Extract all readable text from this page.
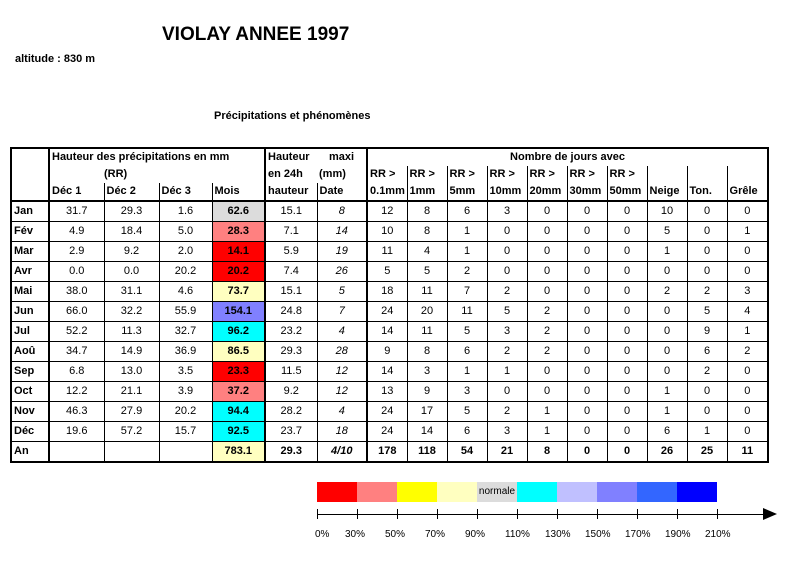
VIOLAY ANNEE 1997
altitude : 830 m
Précipitations et phénomènes
	Hauteur des précipitations en mm				Hauteur	maxi	Nombre de jours avec									
	(RR)				en 24h	(mm)	RR >	RR >	RR >	RR >	RR >	RR >	RR >			
	Déc 1	Déc 2	Déc 3	Mois	hauteur	Date	0.1mm	1mm	5mm	10mm	20mm	30mm	50mm	Neige	Ton.	Grêle
Jan	31.7	29.3	1.6	62.6	15.1	8	12	8	6	3	0	0	0	10	0	0
Fév	4.9	18.4	5.0	28.3	7.1	14	10	8	1	0	0	0	0	5	0	1
Mar	2.9	9.2	2.0	14.1	5.9	19	11	4	1	0	0	0	0	1	0	0
Avr	0.0	0.0	20.2	20.2	7.4	26	5	5	2	0	0	0	0	0	0	0
Mai	38.0	31.1	4.6	73.7	15.1	5	18	11	7	2	0	0	0	2	2	3
Jun	66.0	32.2	55.9	154.1	24.8	7	24	20	11	5	2	0	0	0	5	4
Jul	52.2	11.3	32.7	96.2	23.2	4	14	11	5	3	2	0	0	0	9	1
Aoû	34.7	14.9	36.9	86.5	29.3	28	9	8	6	2	2	0	0	0	6	2
Sep	6.8	13.0	3.5	23.3	11.5	12	14	3	1	1	0	0	0	0	2	0
Oct	12.2	21.1	3.9	37.2	9.2	12	13	9	3	0	0	0	0	1	0	0
Nov	46.3	27.9	20.2	94.4	28.2	4	24	17	5	2	1	0	0	1	0	0
Déc	19.6	57.2	15.7	92.5	23.7	18	24	14	6	3	1	0	0	6	1	0
An				783.1	29.3	4/10	178	118	54	21	8	0	0	26	25	11
normale
0% 30% 50% 70% 90% 110% 130% 150% 170% 190% 210%
